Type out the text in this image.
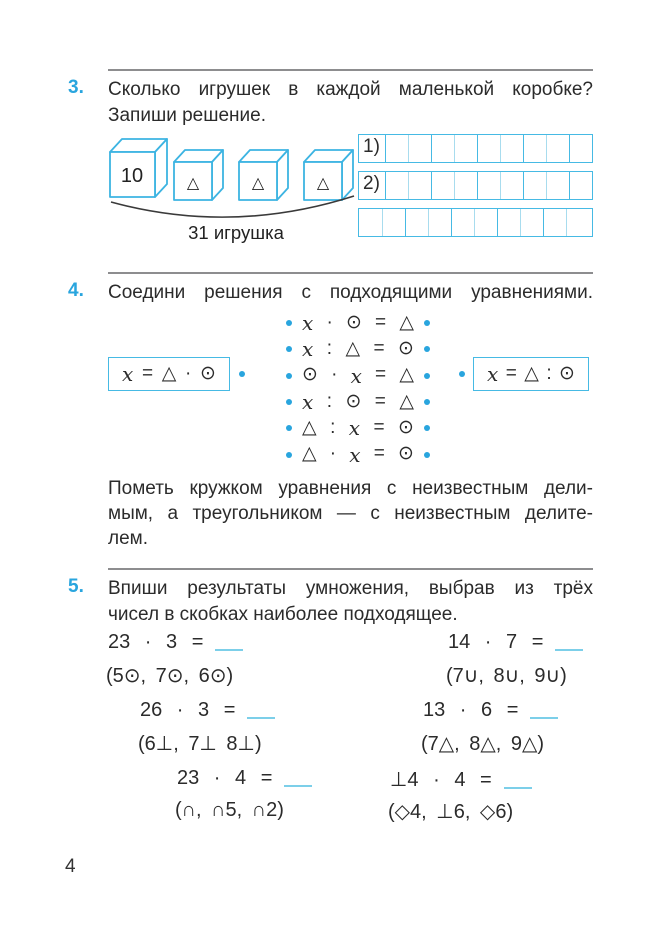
3.	Сколько игрушек в каждой маленькой коробке?
Запиши решение.
10	△	△	△
31 игрушка
1)
2)
4.	Соедини решения с подходящими уравнениями.
x = △ · ⊙
x · ⊙ = △
x : △ = ⊙
⊙ · x = △
x : ⊙ = △
△ : x = ⊙
△ · x = ⊙
x = △ : ⊙
Пометь кружком уравнения с неизвестным дели-
мым, а треугольником — с неизвестным делите-
лем.
5.	Впиши результаты умножения, выбрав из трёх
чисел в скобках наиболее подходящее.
23 · 3 =
(5⊙, 7⊙, 6⊙)
14 · 7 =
(7∪, 8∪, 9∪)
26 · 3 =
(6⊥, 7⊥ 8⊥)
13 · 6 =
(7△, 8△, 9△)
23 · 4 =
(∩, ∩5, ∩2)
⊥4 · 4 =
(◇4, ⊥6, ◇6)
4
